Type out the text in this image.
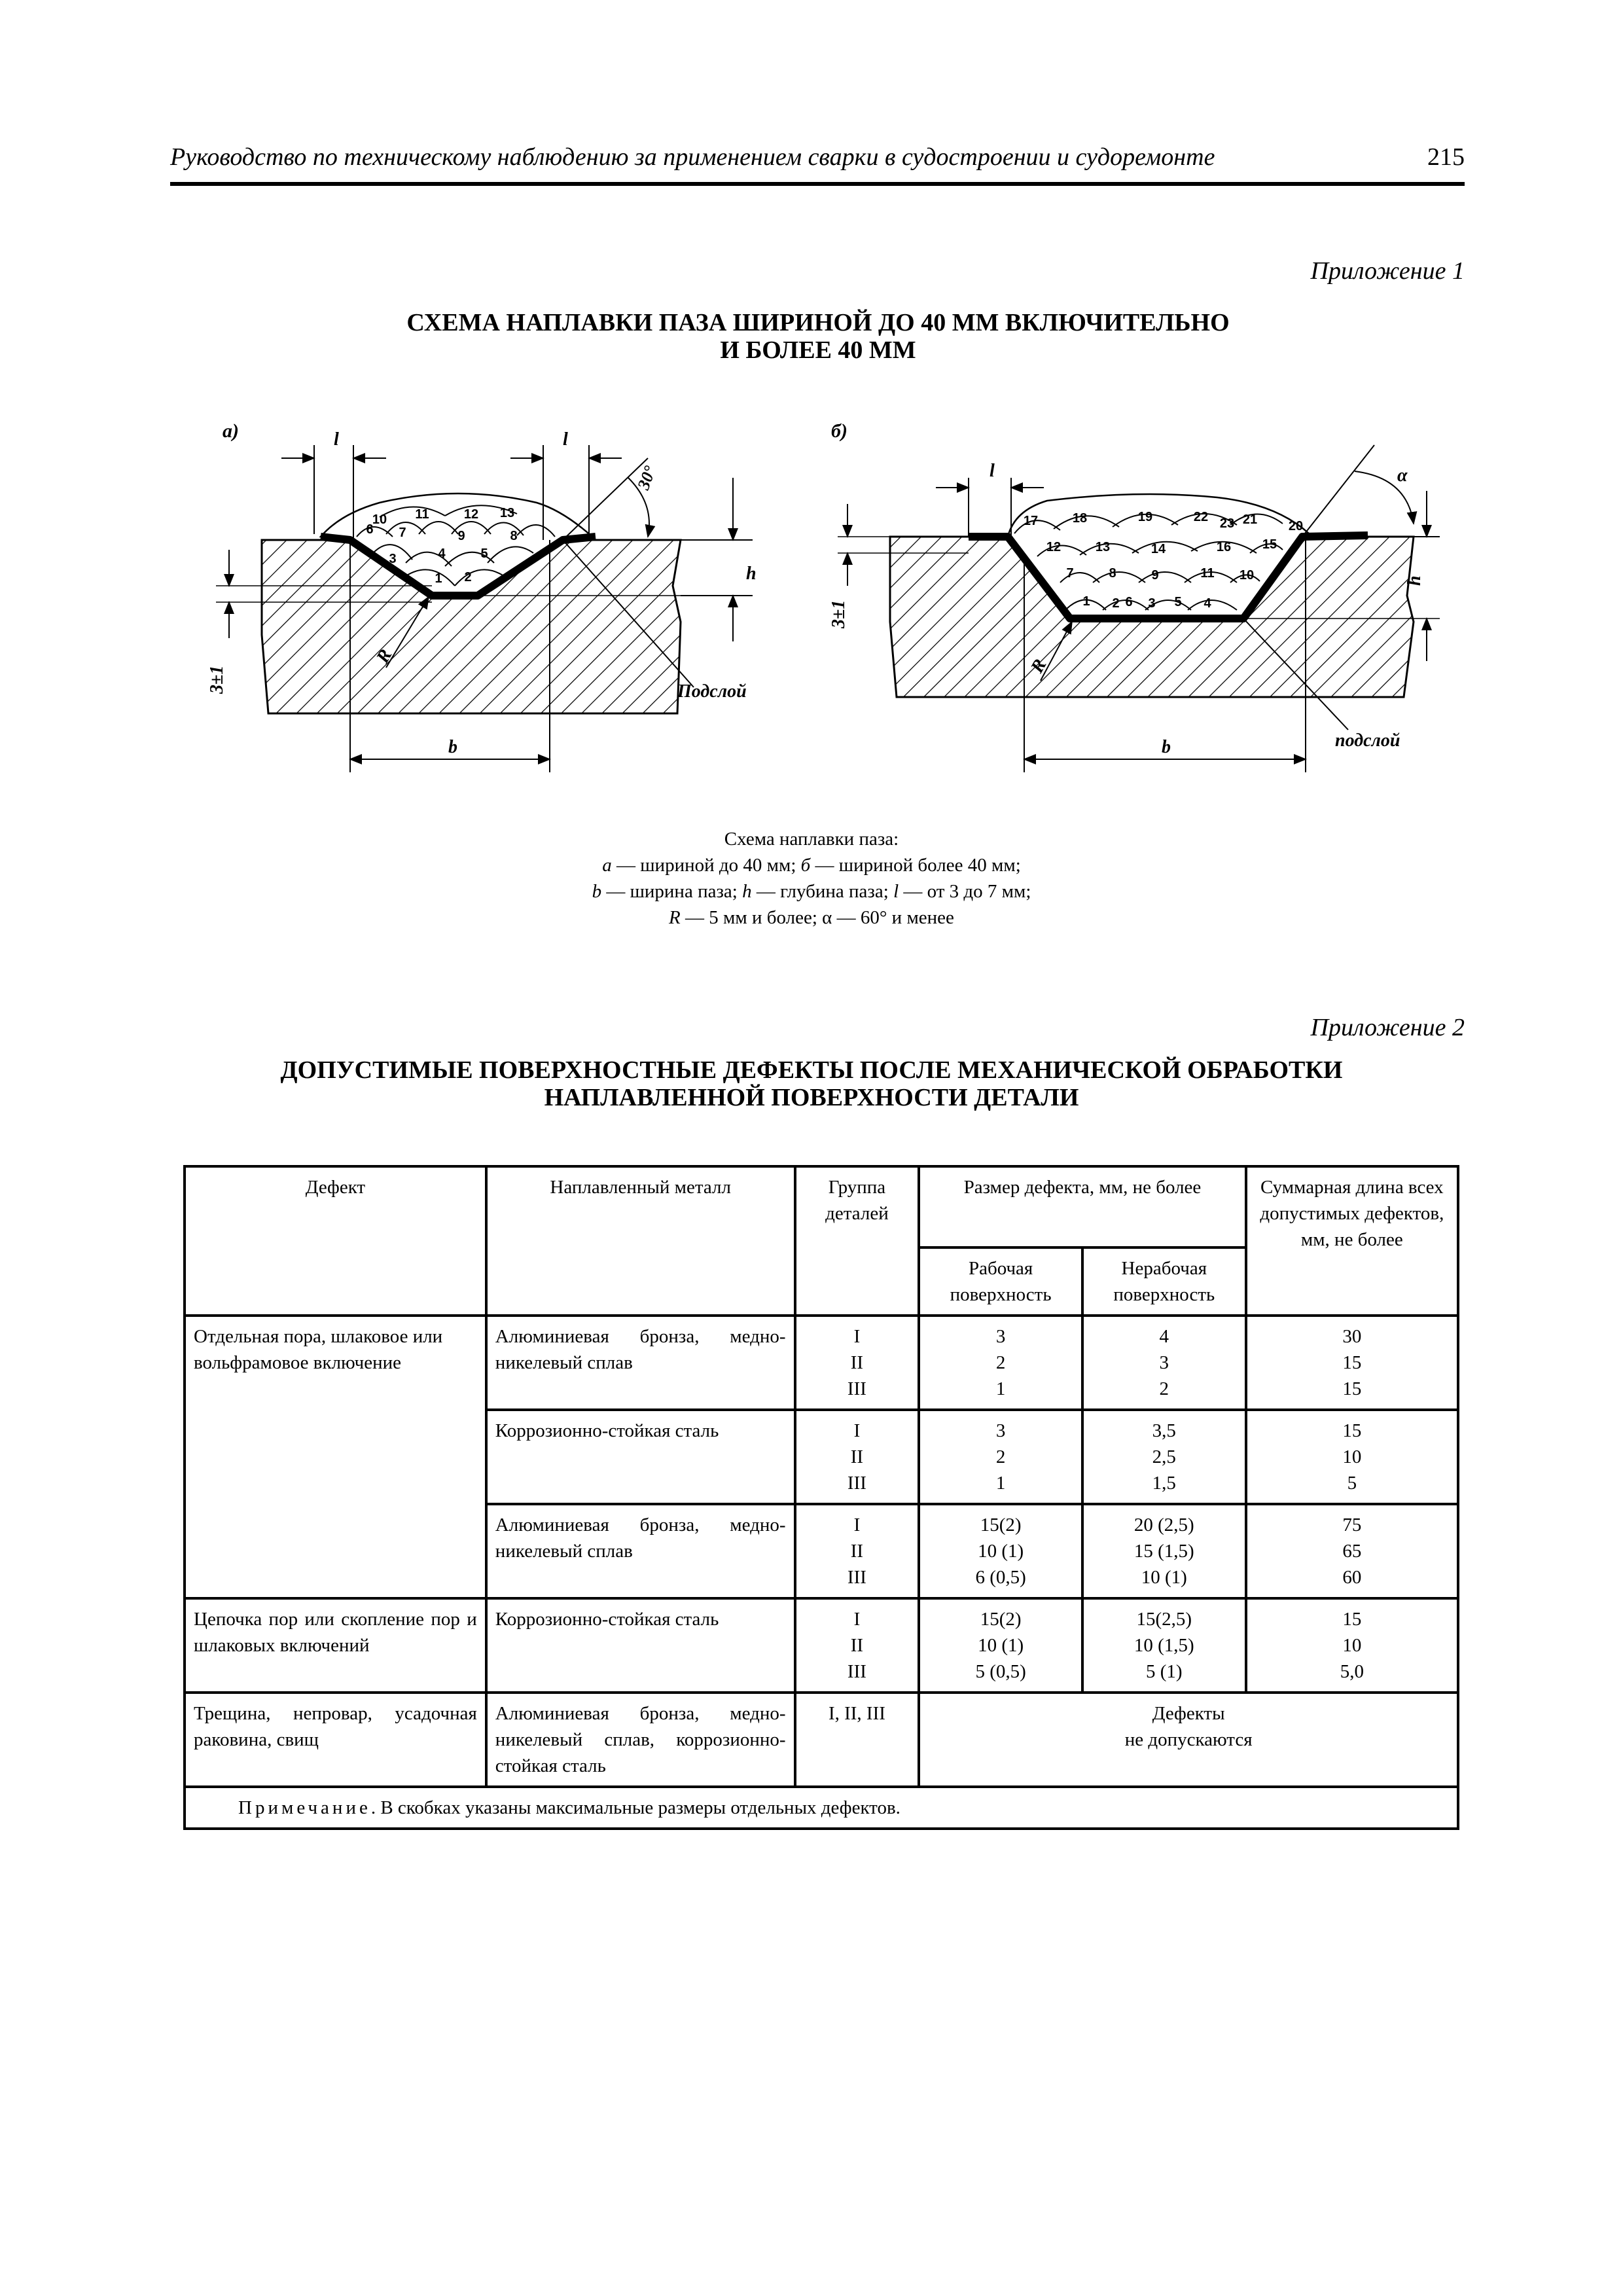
Руководство по техническому наблюдению за применением сварки в судостроении и судоремонте	215
Приложение 1
СХЕМА НАПЛАВКИ ПАЗА ШИРИНОЙ ДО 40 ММ ВКЛЮЧИТЕЛЬНО
И БОЛЕЕ 40 ММ
а)
1 2
3	4	5
6 7	8
9
10 11	12 13
l	l
30°
h
3±1
R
b
Подслой
б)
1 2 3	4
5
6
7	8	9	10
11
12	13	14	15
16
17	18	19
20
21
22 23
l	α
h
3±1
R
b	подслой
Схема наплавки паза:
а — шириной до 40 мм; б — шириной более 40 мм;
b — ширина паза; h — глубина паза; l — от 3 до 7 мм;
R — 5 мм и более; α — 60° и менее
Приложение 2
ДОПУСТИМЫЕ ПОВЕРХНОСТНЫЕ ДЕФЕКТЫ ПОСЛЕ МЕХАНИЧЕСКОЙ ОБРАБОТКИ
НАПЛАВЛЕННОЙ ПОВЕРХНОСТИ ДЕТАЛИ
Дефект	Наплавленный металл	Группа деталей	Размер дефекта, мм, не более		Суммарная длина всех допустимых дефектов, мм, не более
			Рабочая поверхность	Нерабочая поверхность	
Отдельная пора, шлаковое или вольфрамовое включение	Алюминиевая бронза, медно-никелевый сплав	I
II
III	3
2
1	4
3
2	30
15
15

	Коррозионно-стойкая сталь	I
II
III	3
2
1	3,5
2,5
1,5	15
10
5

	Алюминиевая бронза, медно-никелевый сплав	I
II
III	15(2)
10 (1)
6 (0,5)	20 (2,5)
15 (1,5)
10 (1)	75
65
60

Цепочка пор или скопление пор и шлаковых включений	Коррозионно-стойкая сталь	I
II
III	15(2)
10 (1)
5 (0,5)	15(2,5)
10 (1,5)
5 (1)	15
10
5,0

Трещина, непровар, усадочная раковина, свищ	Алюминиевая бронза, медно-никелевый сплав, коррозионно-стойкая сталь	I, II, III	Дефекты
не допускаются		

Примечание. В скобках указаны максимальные размеры отдельных дефектов.					
